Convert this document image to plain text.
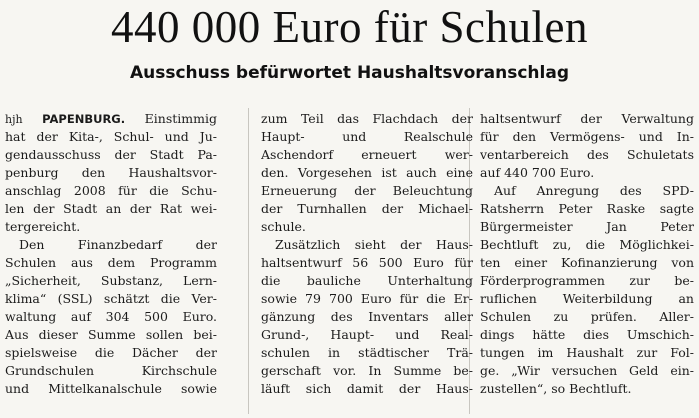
440 000 Euro für Schulen
Ausschuss befürwortet Haushaltsvoranschlag
hjh PAPENBURG. Einstimmig
hat der Kita-, Schul- und Ju-
gendausschuss der Stadt Pa-
penburg den Haushaltsvor-
anschlag 2008 für die Schu-
len der Stadt an der Rat wei-
tergereicht.
Den Finanzbedarf der
Schulen aus dem Programm
„Sicherheit, Substanz, Lern-
klima“ (SSL) schätzt die Ver-
waltung auf 304 500 Euro.
Aus dieser Summe sollen bei-
spielsweise die Dächer der
Grundschulen Kirchschule
und Mittelkanalschule sowie
zum Teil das Flachdach der
Haupt- und Realschule
Aschendorf erneuert wer-
den. Vorgesehen ist auch eine
Erneuerung der Beleuchtung
der Turnhallen der Michael-
schule.
Zusätzlich sieht der Haus-
haltsentwurf 56 500 Euro für
die bauliche Unterhaltung
sowie 79 700 Euro für die Er-
gänzung des Inventars aller
Grund-, Haupt- und Real-
schulen in städtischer Trä-
gerschaft vor. In Summe be-
läuft sich damit der Haus-
haltsentwurf der Verwaltung
für den Vermögens- und In-
ventarbereich des Schuletats
auf 440 700 Euro.
Auf Anregung des SPD-
Ratsherrn Peter Raske sagte
Bürgermeister Jan Peter
Bechtluft zu, die Möglichkei-
ten einer Kofinanzierung von
Förderprogrammen zur be-
ruflichen Weiterbildung an
Schulen zu prüfen. Aller-
dings hätte dies Umschich-
tungen im Haushalt zur Fol-
ge. „Wir versuchen Geld ein-
zustellen“, so Bechtluft.
